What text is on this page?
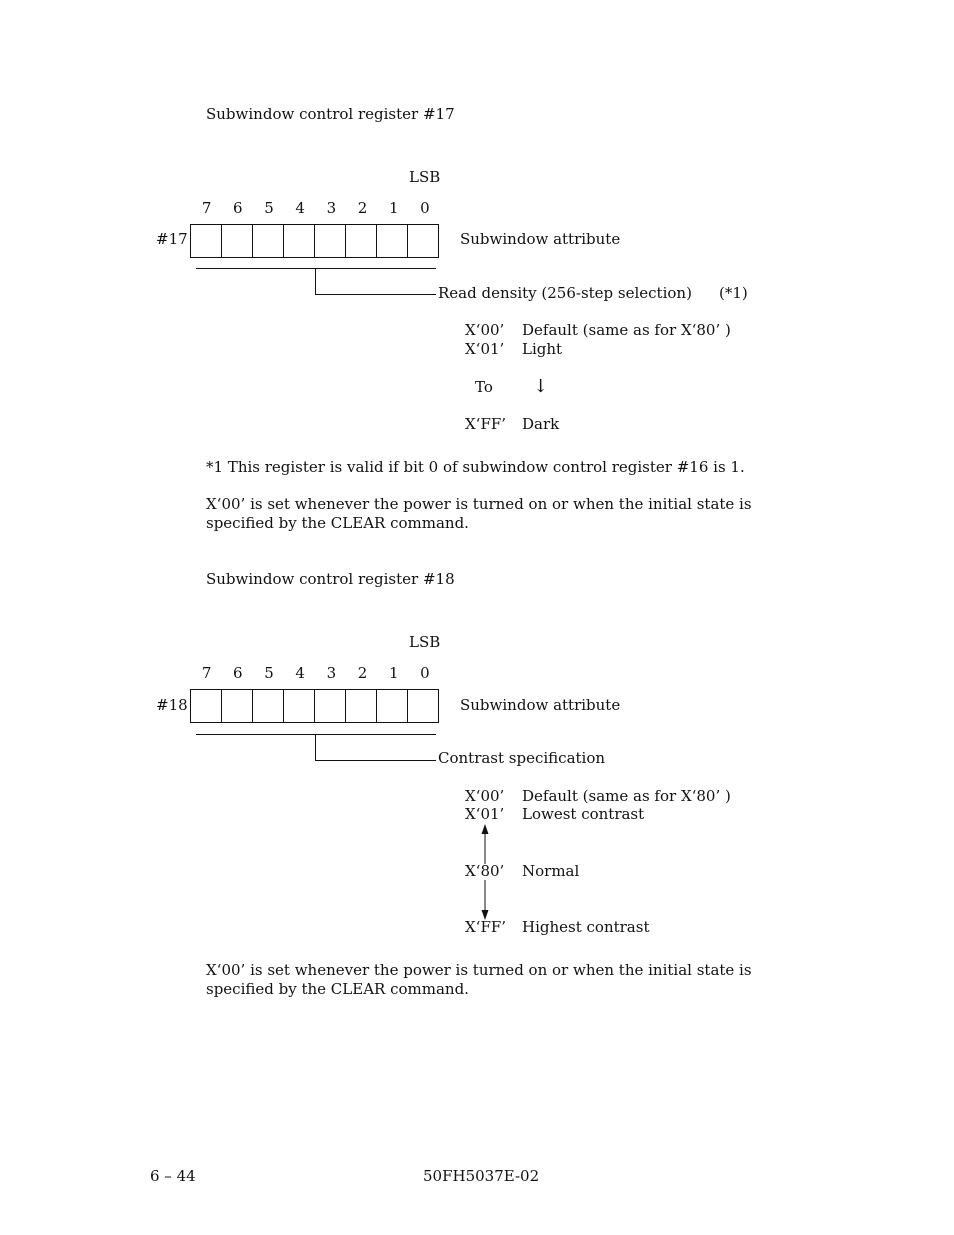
Subwindow control register #17
LSB
7	6	5	4	3	2	1	0
#17	Subwindow attribute
Read density (256-step selection) (*1)
X‘00’ Default (same as for X‘80’ )
X‘01’ Light
To ↓
X‘FF’ Dark
*1 This register is valid if bit 0 of subwindow control register #16 is 1.
X‘00’ is set whenever the power is turned on or when the initial state is specified by the CLEAR command.
Subwindow control register #18
LSB
7	6	5	4	3	2	1	0
#18	Subwindow attribute
Contrast specification
X‘00’ Default (same as for X‘80’ )
X‘01’ Lowest contrast
X‘80’ Normal
X‘FF’ Highest contrast
X‘00’ is set whenever the power is turned on or when the initial state is specified by the CLEAR command.
6 – 44	50FH5037E-02
